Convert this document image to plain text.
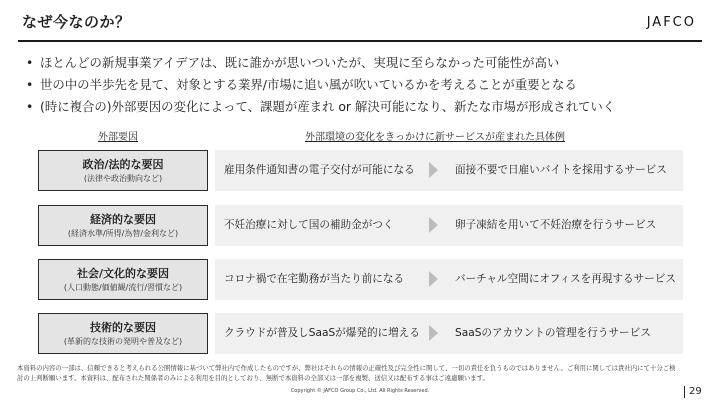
なぜ今なのか？	JAFCO
• ほとんどの新規事業アイデアは、既に誰かが思いついたが、実現に至らなかった可能性が高い
• 世の中の半歩先を見て、対象とする業界/市場に追い風が吹いているかを考えることが重要となる
• (時に複合の)外部要因の変化によって、課題が産まれ or 解決可能になり、新たな市場が形成されていく
外部要因	外部環境の変化をきっかけに新サービスが産まれた具体例
政治/法的な要因
(法律や政治動向など)
雇用条件通知書の電子交付が可能になる	面接不要で日雇いバイトを採用するサービス
経済的な要因
(経済水準/所得/為替/金利など)
不妊治療に対して国の補助金がつく	卵子凍結を用いて不妊治療を行うサービス
社会/文化的な要因
(人口動態/価値観/流行/習慣など)
コロナ禍で在宅勤務が当たり前になる	バーチャル空間にオフィスを再現するサービス
技術的な要因
(革新的な技術の発明や普及など)
クラウドが普及しSaaSが爆発的に増える	SaaSのアカウントの管理を行うサービス
本資料の内容の一部は、信頼できると考えられる公開情報に基づいて弊社内で作成したものですが、弊社はそれらの情報の正確性及び完全性に関して、一切の責任を負うものではありません。ご利用に関しては貴社内にて十分ご検討の上判断願います。本資料は、配布された関係者のみによる利用を目的としており、無断で本資料の全部又は一部を複製、送信又は配布する事はご遠慮願います。
Copyright © JAFCO Group Co., Ltd. All Rights Reserved.	29
